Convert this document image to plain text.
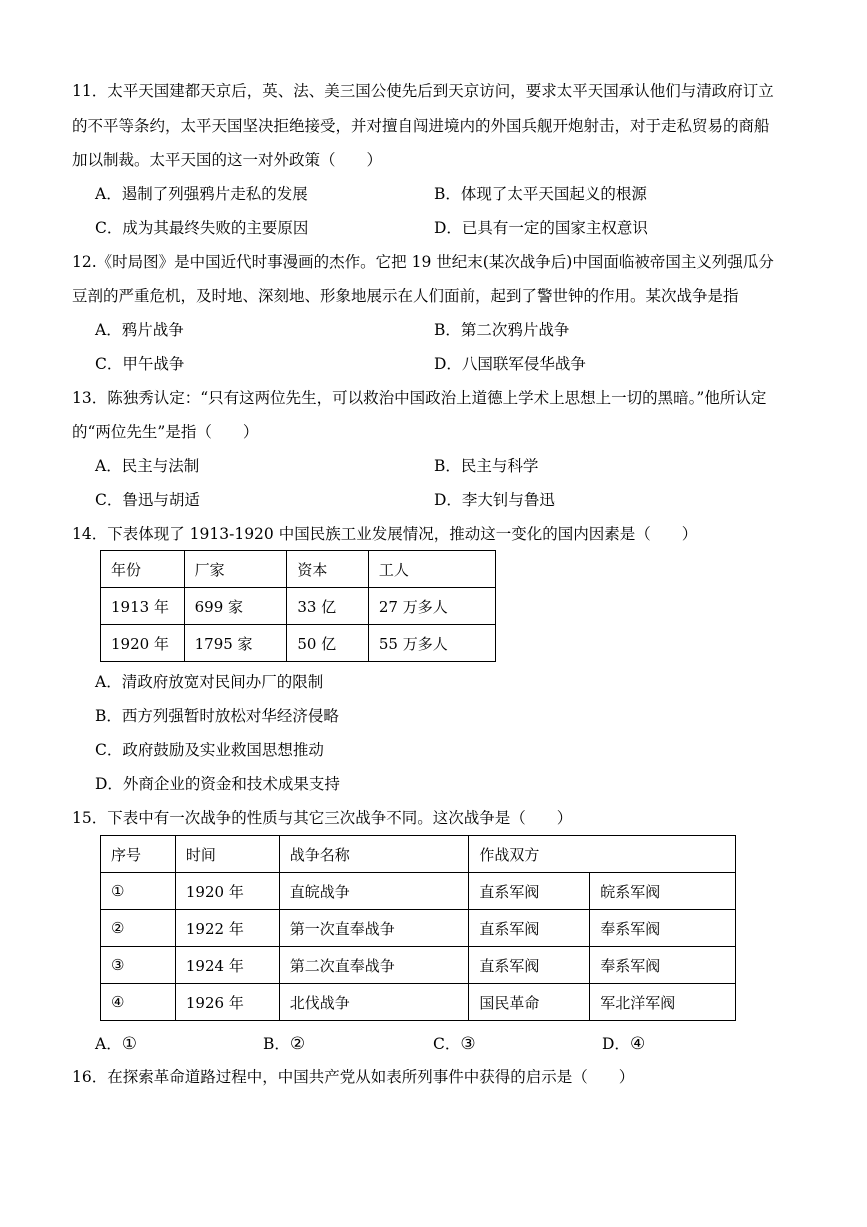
11．太平天国建都天京后，英、法、美三国公使先后到天京访问，要求太平天国承认他们与清政府订立
的不平等条约，太平天国坚决拒绝接受，并对擅自闯进境内的外国兵舰开炮射击，对于走私贸易的商船
加以制裁。太平天国的这一对外政策（　　）
A．遏制了列强鸦片走私的发展	B．体现了太平天国起义的根源
C．成为其最终失败的主要原因	D．已具有一定的国家主权意识
12.《时局图》是中国近代时事漫画的杰作。它把 19 世纪末(某次战争后)中国面临被帝国主义列强瓜分
豆剖的严重危机，及时地、深刻地、形象地展示在人们面前，起到了警世钟的作用。某次战争是指
A．鸦片战争	B．第二次鸦片战争
C．甲午战争	D．八国联军侵华战争
13．陈独秀认定：“只有这两位先生，可以救治中国政治上道德上学术上思想上一切的黑暗。”他所认定
的“两位先生”是指（　　）
A．民主与法制	B．民主与科学
C．鲁迅与胡适	D．李大钊与鲁迅
14．下表体现了 1913-1920 中国民族工业发展情况，推动这一变化的国内因素是（　　）
年份	厂家	资本	工人
1913 年	699 家	33 亿	27 万多人
1920 年	1795 家	50 亿	55 万多人
A．清政府放宽对民间办厂的限制
B．西方列强暂时放松对华经济侵略
C．政府鼓励及实业救国思想推动
D．外商企业的资金和技术成果支持
15．下表中有一次战争的性质与其它三次战争不同。这次战争是（　　）
序号	时间	战争名称	作战双方	
①	1920 年	直皖战争	直系军阀	皖系军阀
②	1922 年	第一次直奉战争	直系军阀	奉系军阀
③	1924 年	第二次直奉战争	直系军阀	奉系军阀
④	1926 年	北伐战争	国民革命	军北洋军阀
A．①	B．②	C．③	D．④
16．在探索革命道路过程中，中国共产党从如表所列事件中获得的启示是（　　）
